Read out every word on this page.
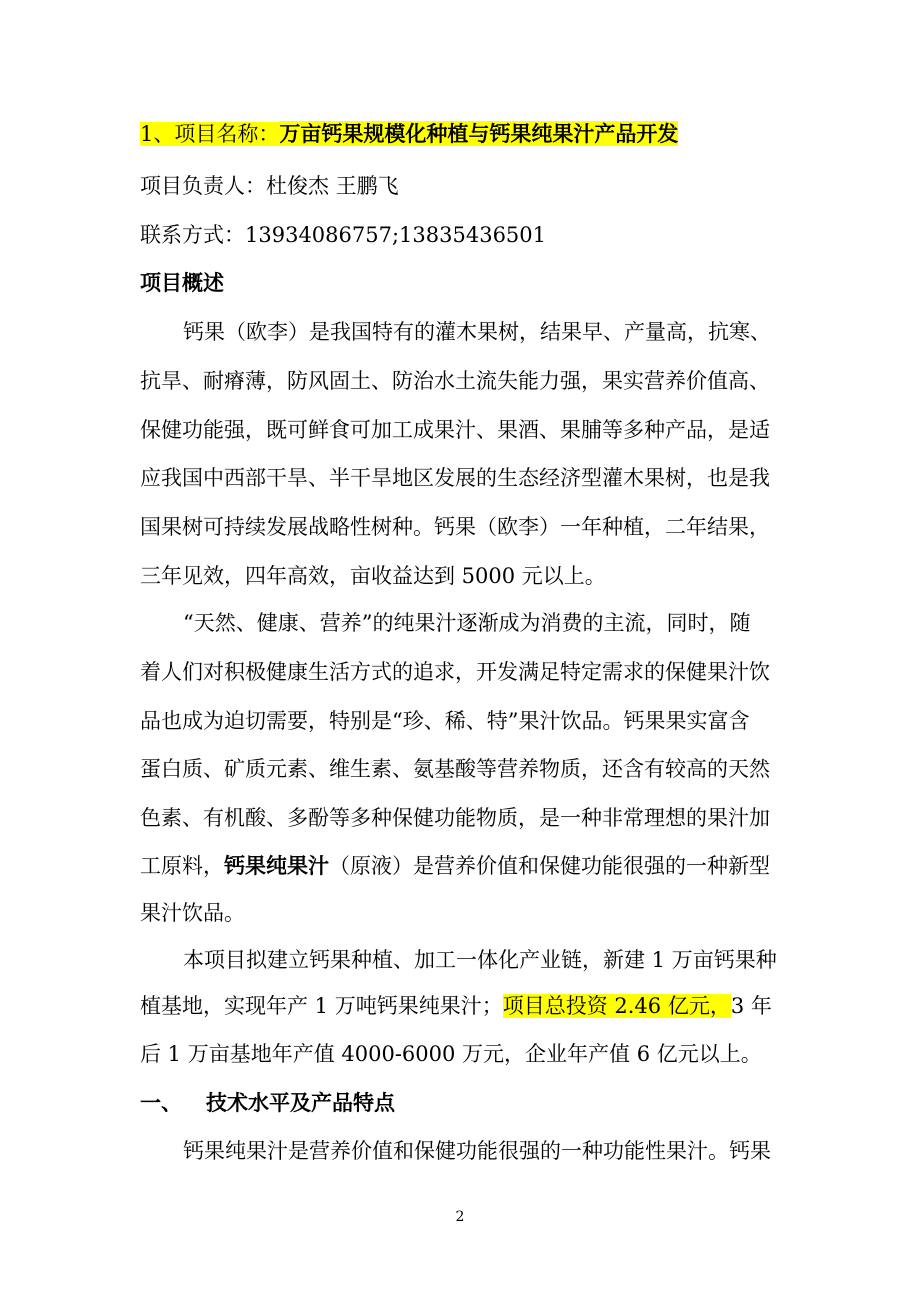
1、项目名称：万亩钙果规模化种植与钙果纯果汁产品开发
项目负责人：杜俊杰 王鹏飞
联系方式：13934086757;13835436501
项目概述
钙果（欧李）是我国特有的灌木果树，结果早、产量高，抗寒、
抗旱、耐瘠薄，防风固土、防治水土流失能力强，果实营养价值高、
保健功能强，既可鲜食可加工成果汁、果酒、果脯等多种产品，是适
应我国中西部干旱、半干旱地区发展的生态经济型灌木果树，也是我
国果树可持续发展战略性树种。钙果（欧李）一年种植，二年结果，
三年见效，四年高效，亩收益达到 5000 元以上。
“天然、健康、营养”的纯果汁逐渐成为消费的主流，同时，随
着人们对积极健康生活方式的追求，开发满足特定需求的保健果汁饮
品也成为迫切需要，特别是“珍、稀、特”果汁饮品。钙果果实富含
蛋白质、矿质元素、维生素、氨基酸等营养物质，还含有较高的天然
色素、有机酸、多酚等多种保健功能物质，是一种非常理想的果汁加
工原料，钙果纯果汁（原液）是营养价值和保健功能很强的一种新型
果汁饮品。
本项目拟建立钙果种植、加工一体化产业链，新建 1 万亩钙果种
植基地，实现年产 1 万吨钙果纯果汁；项目总投资 2.46 亿元，3 年
后 1 万亩基地年产值 4000-6000 万元，企业年产值 6 亿元以上。
一、 技术水平及产品特点
钙果纯果汁是营养价值和保健功能很强的一种功能性果汁。钙果
2
